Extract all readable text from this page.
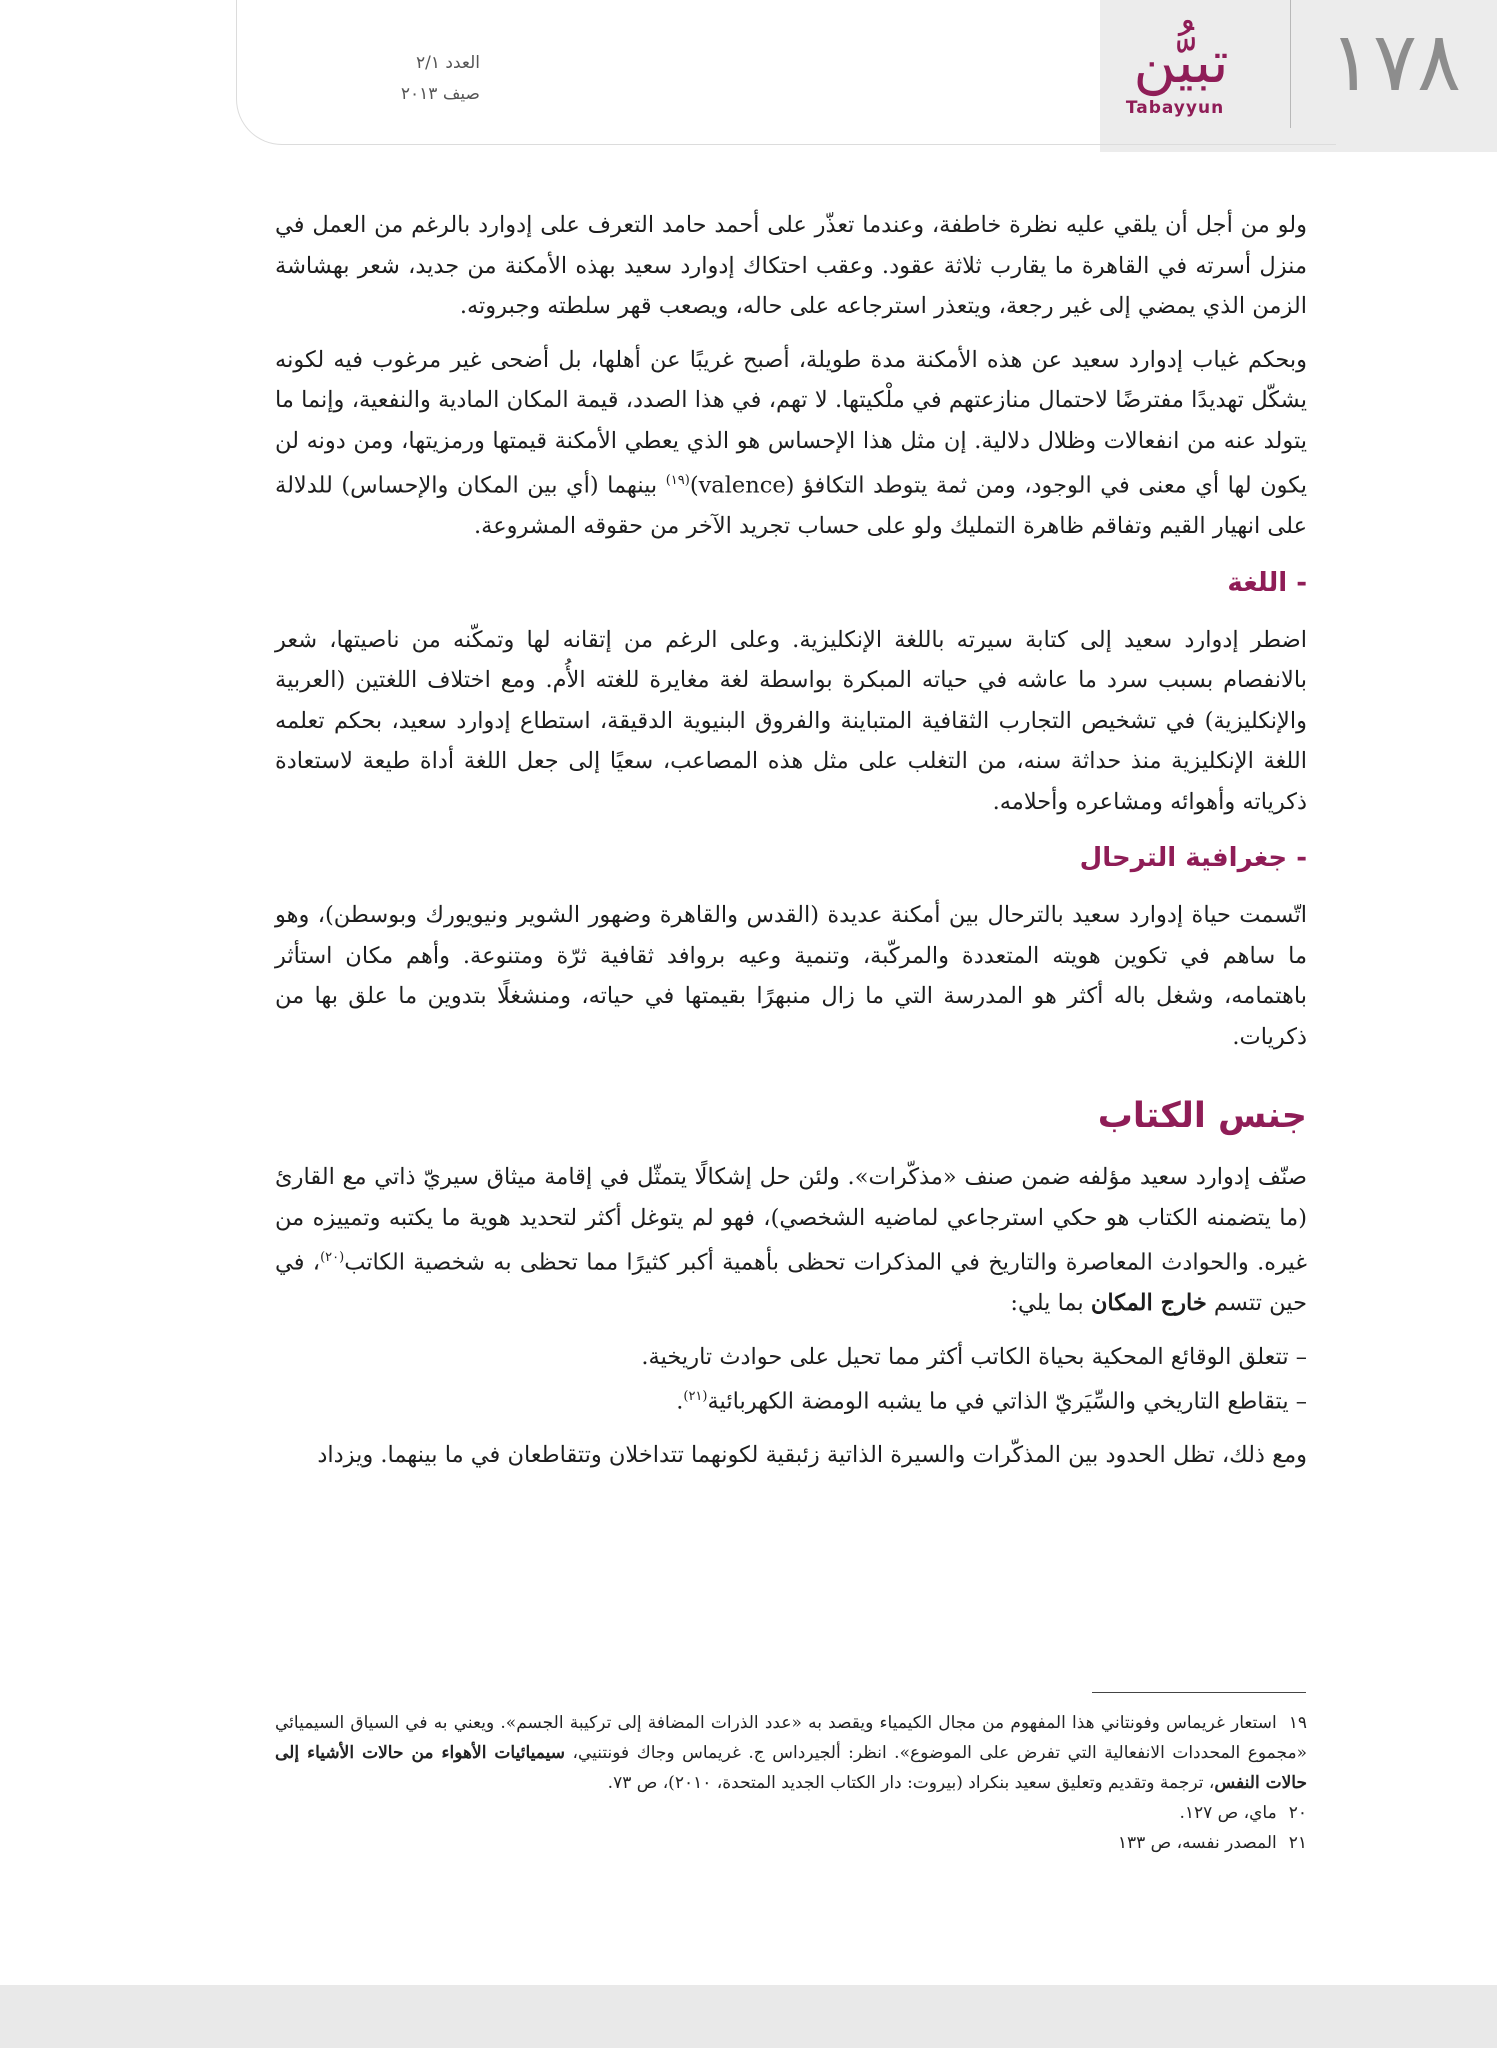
١٧٨
تبيُّن
Tabayyun
العدد ٢/١
صيف ٢٠١٣

ولو من أجل أن يلقي عليه نظرة خاطفة، وعندما تعذّر على أحمد حامد التعرف على إدوارد بالرغم من العمل في منزل أسرته في القاهرة ما يقارب ثلاثة عقود. وعقب احتكاك إدوارد سعيد بهذه الأمكنة من جديد، شعر بهشاشة الزمن الذي يمضي إلى غير رجعة، ويتعذر استرجاعه على حاله، ويصعب قهر سلطته وجبروته.

وبحكم غياب إدوارد سعيد عن هذه الأمكنة مدة طويلة، أصبح غريبًا عن أهلها، بل أضحى غير مرغوب فيه لكونه يشكّل تهديدًا مفترضًا لاحتمال منازعتهم في ملْكيتها. لا تهم، في هذا الصدد، قيمة المكان المادية والنفعية، وإنما ما يتولد عنه من انفعالات وظلال دلالية. إن مثل هذا الإحساس هو الذي يعطي الأمكنة قيمتها ورمزيتها، ومن دونه لن يكون لها أي معنى في الوجود، ومن ثمة يتوطد التكافؤ (valence)$^{(١٩)}$ بينهما (أي بين المكان والإحساس) للدلالة على انهيار القيم وتفاقم ظاهرة التمليك ولو على حساب تجريد الآخر من حقوقه المشروعة.

- اللغة

اضطر إدوارد سعيد إلى كتابة سيرته باللغة الإنكليزية. وعلى الرغم من إتقانه لها وتمكّنه من ناصيتها، شعر بالانفصام بسبب سرد ما عاشه في حياته المبكرة بواسطة لغة مغايرة للغته الأُم. ومع اختلاف اللغتين (العربية والإنكليزية) في تشخيص التجارب الثقافية المتباينة والفروق البنيوية الدقيقة، استطاع إدوارد سعيد، بحكم تعلمه اللغة الإنكليزية منذ حداثة سنه، من التغلب على مثل هذه المصاعب، سعيًا إلى جعل اللغة أداة طيعة لاستعادة ذكرياته وأهوائه ومشاعره وأحلامه.

- جغرافية الترحال

اتّسمت حياة إدوارد سعيد بالترحال بين أمكنة عديدة (القدس والقاهرة وضهور الشوير ونيويورك وبوسطن)، وهو ما ساهم في تكوين هويته المتعددة والمركّبة، وتنمية وعيه بروافد ثقافية ثرّة ومتنوعة. وأهم مكان استأثر باهتمامه، وشغل باله أكثر هو المدرسة التي ما زال منبهرًا بقيمتها في حياته، ومنشغلًا بتدوين ما علق بها من ذكريات.

جنس الكتاب

صنّف إدوارد سعيد مؤلفه ضمن صنف «مذكّرات». ولئن حل إشكالًا يتمثّل في إقامة ميثاق سيريّ ذاتي مع القارئ (ما يتضمنه الكتاب هو حكي استرجاعي لماضيه الشخصي)، فهو لم يتوغل أكثر لتحديد هوية ما يكتبه وتمييزه من غيره. والحوادث المعاصرة والتاريخ في المذكرات تحظى بأهمية أكبر كثيرًا مما تحظى به شخصية الكاتب$^{(٢٠)}$، في حين تتسم خارج المكان بما يلي:

– تتعلق الوقائع المحكية بحياة الكاتب أكثر مما تحيل على حوادث تاريخية.
– يتقاطع التاريخي والسِّيَريّ الذاتي في ما يشبه الومضة الكهربائية$^{(٢١)}$.

ومع ذلك، تظل الحدود بين المذكّرات والسيرة الذاتية زئبقية لكونهما تتداخلان وتتقاطعان في ما بينهما. ويزداد

١٩استعار غريماس وفونتاني هذا المفهوم من مجال الكيمياء ويقصد به «عدد الذرات المضافة إلى تركيبة الجسم». ويعني به في السياق السيميائي «مجموع المحددات الانفعالية التي تفرض على الموضوع». انظر: ألجيرداس ج. غريماس وجاك فونتنيي، سيميائيات الأهواء من حالات الأشياء إلى حالات النفس، ترجمة وتقديم وتعليق سعيد بنكراد (بيروت: دار الكتاب الجديد المتحدة، ٢٠١٠)، ص ٧٣.

٢٠ماي، ص ١٢٧.

٢١المصدر نفسه، ص ١٣٣
